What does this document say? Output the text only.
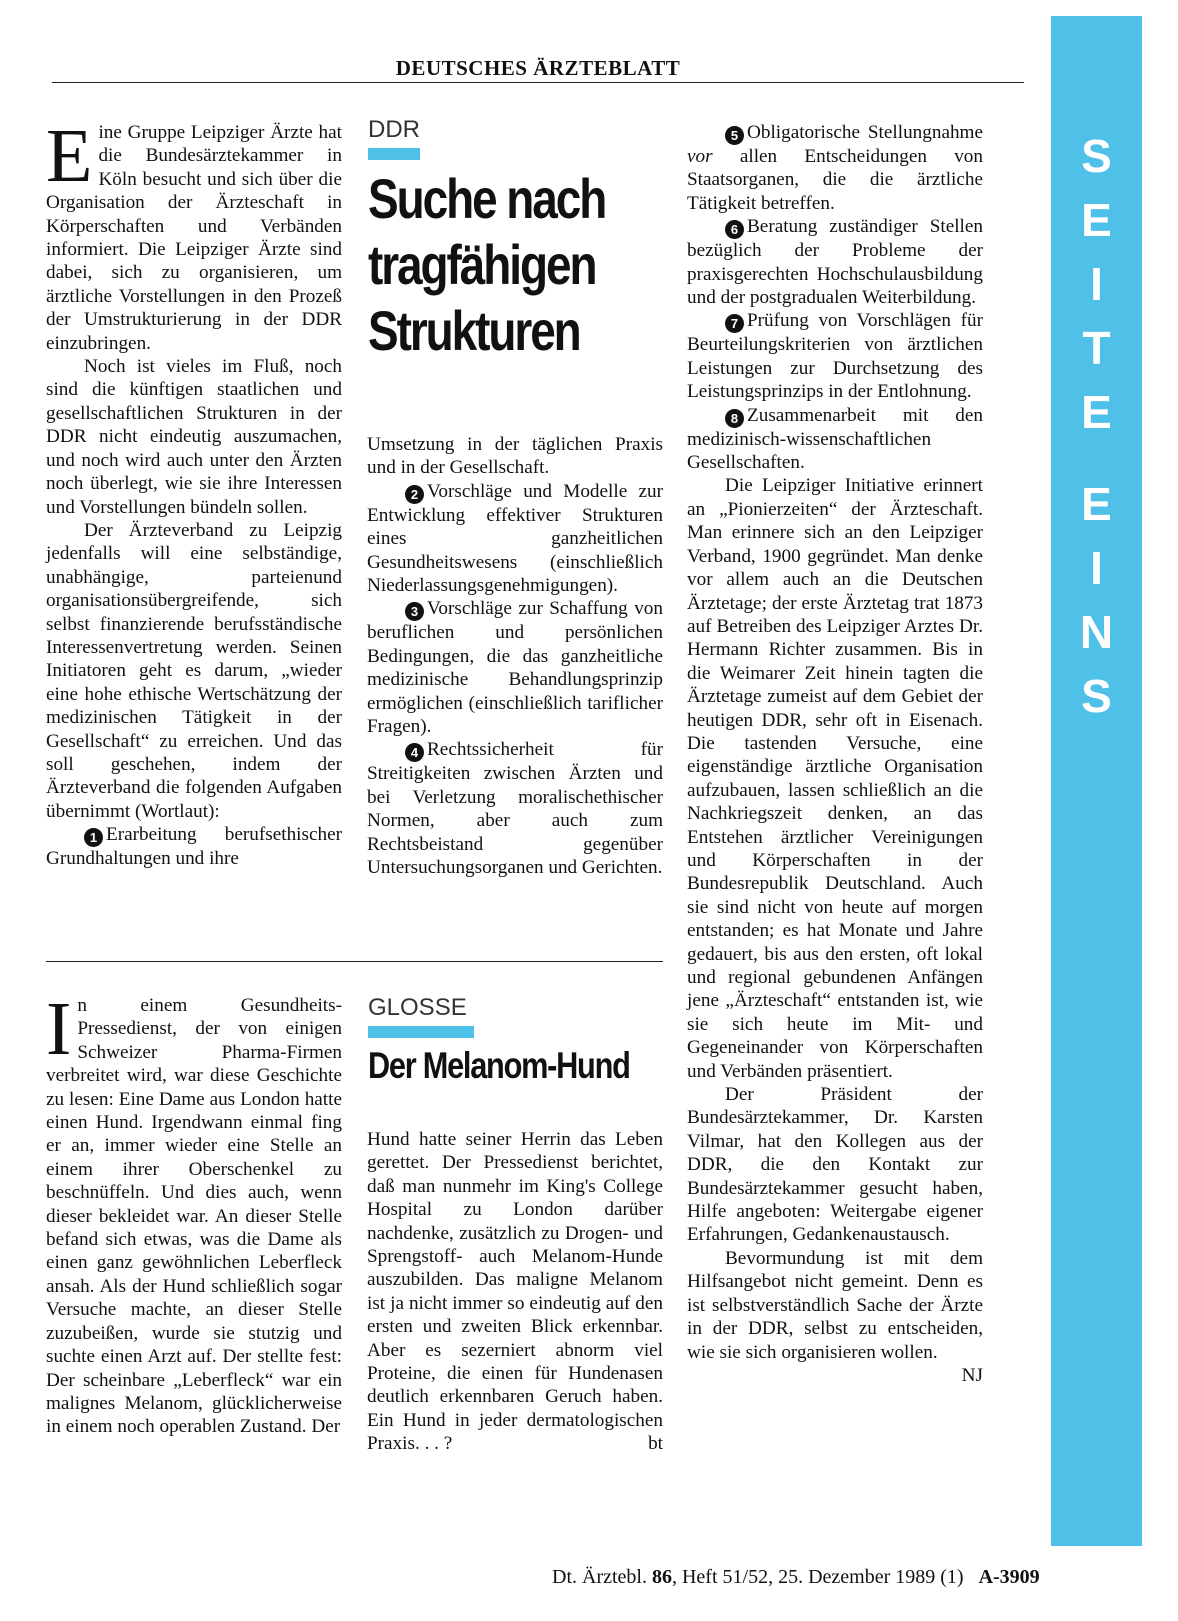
DEUTSCHES ÄRZTEBLATT
S
E
I
T
E

E
I
N
S

Eine Gruppe Leipziger Ärzte hat die Bundesärztekammer in Köln besucht und sich über die Organisation der Ärzteschaft in Körperschaften und Verbänden informiert. Die Leipziger Ärzte sind dabei, sich zu organisieren, um ärztliche Vorstellungen in den Prozeß der Umstrukturierung in der DDR einzubringen.

Noch ist vieles im Fluß, noch sind die künftigen staatlichen und gesellschaftlichen Strukturen in der DDR nicht eindeutig auszumachen, und noch wird auch unter den Ärzten noch überlegt, wie sie ihre Interessen und Vorstellungen bündeln sollen.

Der Ärzteverband zu Leipzig jedenfalls will eine selbständige, unabhängige, parteienund organisationsübergreifende, sich selbst finanzierende berufsständische Interessenvertretung werden. Seinen Initiatoren geht es darum, „wieder eine hohe ethische Wertschätzung der medizinischen Tätigkeit in der Gesellschaft“ zu erreichen. Und das soll geschehen, indem der Ärzteverband die folgenden Aufgaben übernimmt (Wortlaut):

1 Erarbeitung berufsethischer Grundhaltungen und ihre

DDR
Suche nach
tragfähigen
Strukturen

Umsetzung in der täglichen Praxis und in der Gesellschaft.

2 Vorschläge und Modelle zur Entwicklung effektiver Strukturen eines ganzheitlichen Gesundheitswesens (einschließlich Niederlassungsgenehmigungen).

3 Vorschläge zur Schaffung von beruflichen und persönlichen Bedingungen, die das ganzheitliche medizinische Behandlungsprinzip ermöglichen (einschließlich tariflicher Fragen).

4 Rechtssicherheit für Streitigkeiten zwischen Ärzten und bei Verletzung moralischethischer Normen, aber auch zum Rechtsbeistand gegenüber Untersuchungsorganen und Gerichten.

5 Obligatorische Stellungnahme vor allen Entscheidungen von Staatsorganen, die die ärztliche Tätigkeit betreffen.

6 Beratung zuständiger Stellen bezüglich der Probleme der praxisgerechten Hochschulausbildung und der postgradualen Weiterbildung.

7 Prüfung von Vorschlägen für Beurteilungskriterien von ärztlichen Leistungen zur Durchsetzung des Leistungsprinzips in der Entlohnung.

8 Zusammenarbeit mit den medizinisch-wissenschaftlichen Gesellschaften.

Die Leipziger Initiative erinnert an „Pionierzeiten“ der Ärzteschaft. Man erinnere sich an den Leipziger Verband, 1900 gegründet. Man denke vor allem auch an die Deutschen Ärztetage; der erste Ärztetag trat 1873 auf Betreiben des Leipziger Arztes Dr. Hermann Richter zusammen. Bis in die Weimarer Zeit hinein tagten die Ärztetage zumeist auf dem Gebiet der heutigen DDR, sehr oft in Eisenach. Die tastenden Versuche, eine eigenständige ärztliche Organisation aufzubauen, lassen schließlich an die Nachkriegszeit denken, an das Entstehen ärztlicher Vereinigungen und Körperschaften in der Bundesrepublik Deutschland. Auch sie sind nicht von heute auf morgen entstanden; es hat Monate und Jahre gedauert, bis aus den ersten, oft lokal und regional gebundenen Anfängen jene „Ärzteschaft“ entstanden ist, wie sie sich heute im Mit- und Gegeneinander von Körperschaften und Verbänden präsentiert.

Der Präsident der Bundesärztekammer, Dr. Karsten Vilmar, hat den Kollegen aus der DDR, die den Kontakt zur Bundesärztekammer gesucht haben, Hilfe angeboten: Weitergabe eigener Erfahrungen, Gedankenaustausch.

Bevormundung ist mit dem Hilfsangebot nicht gemeint. Denn es ist selbstverständlich Sache der Ärzte in der DDR, selbst zu entscheiden, wie sie sich organisieren wollen.
NJ

In einem Gesundheits-Pressedienst, der von einigen Schweizer Pharma-Firmen verbreitet wird, war diese Geschichte zu lesen: Eine Dame aus London hatte einen Hund. Irgendwann einmal fing er an, immer wieder eine Stelle an einem ihrer Oberschenkel zu beschnüffeln. Und dies auch, wenn dieser bekleidet war. An dieser Stelle befand sich etwas, was die Dame als einen ganz gewöhnlichen Leberfleck ansah. Als der Hund schließlich sogar Versuche machte, an dieser Stelle zuzubeißen, wurde sie stutzig und suchte einen Arzt auf. Der stellte fest: Der scheinbare „Leberfleck“ war ein malignes Melanom, glücklicherweise in einem noch operablen Zustand. Der

GLOSSE
Der Melanom-Hund

Hund hatte seiner Herrin das Leben gerettet. Der Pressedienst berichtet, daß man nunmehr im King's College Hospital zu London darüber nachdenke, zusätzlich zu Drogen- und Sprengstoff- auch Melanom-Hunde auszubilden. Das maligne Melanom ist ja nicht immer so eindeutig auf den ersten und zweiten Blick erkennbar. Aber es sezerniert abnorm viel Proteine, die einen für Hundenasen deutlich erkennbaren Geruch haben. Ein Hund in jeder dermatologischen Praxis. . . ?	bt

Dt. Ärztebl. 86, Heft 51/52, 25. Dezember 1989 (1) A-3909
